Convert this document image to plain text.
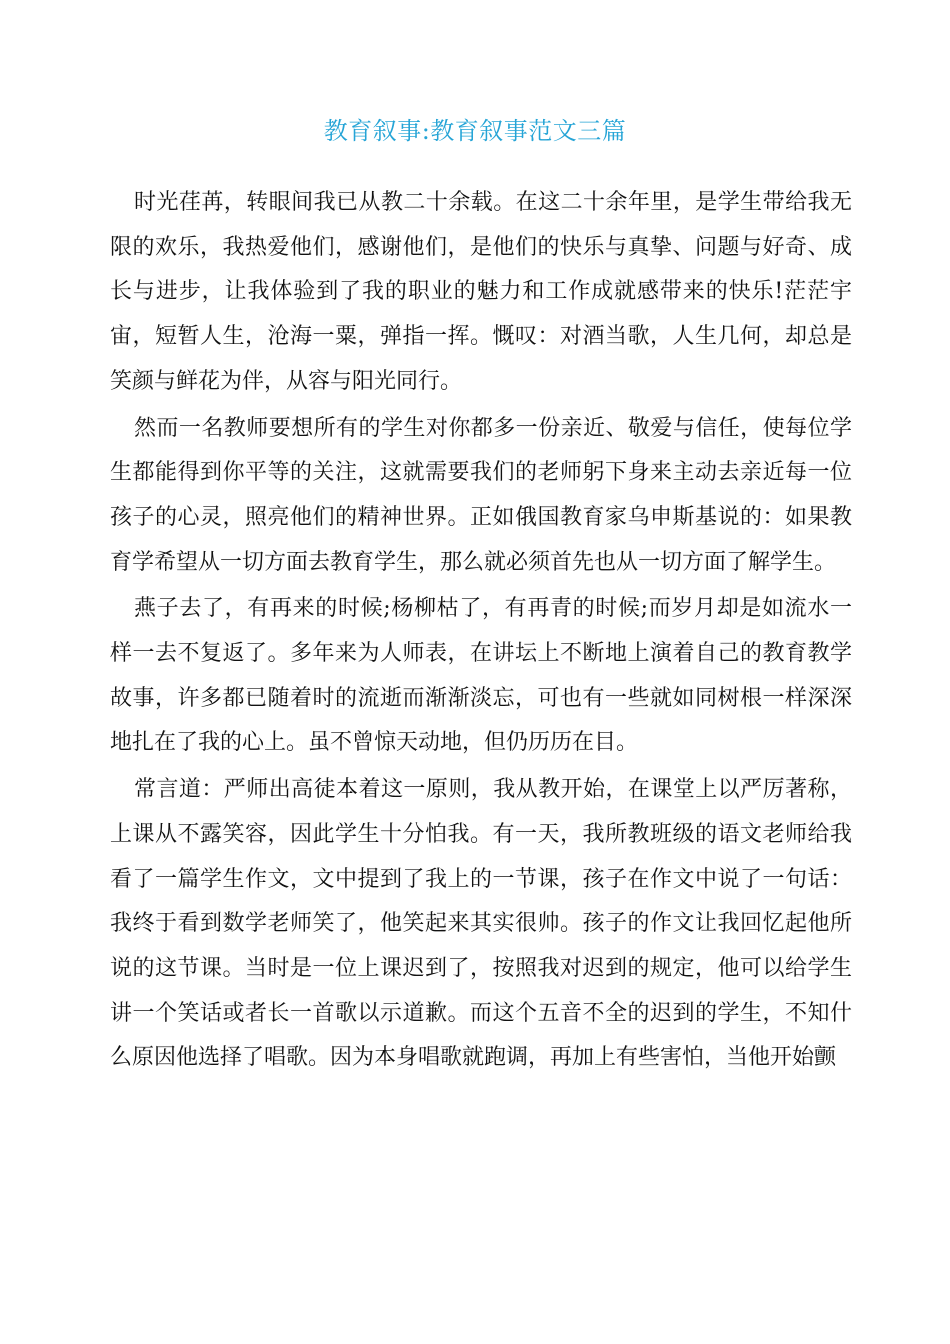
教育叙事:教育叙事范文三篇

时光荏苒，转眼间我已从教二十余载。在这二十余年里，是学生带给我无限的欢乐，我热爱他们，感谢他们，是他们的快乐与真挚、问题与好奇、成长与进步，让我体验到了我的职业的魅力和工作成就感带来的快乐!茫茫宇宙，短暂人生，沧海一粟，弹指一挥。慨叹：对酒当歌，人生几何，却总是笑颜与鲜花为伴，从容与阳光同行。

然而一名教师要想所有的学生对你都多一份亲近、敬爱与信任，使每位学生都能得到你平等的关注，这就需要我们的老师躬下身来主动去亲近每一位孩子的心灵，照亮他们的精神世界。正如俄国教育家乌申斯基说的：如果教育学希望从一切方面去教育学生，那么就必须首先也从一切方面了解学生。

燕子去了，有再来的时候;杨柳枯了，有再青的时候;而岁月却是如流水一样一去不复返了。多年来为人师表，在讲坛上不断地上演着自己的教育教学故事，许多都已随着时的流逝而渐渐淡忘，可也有一些就如同树根一样深深地扎在了我的心上。虽不曾惊天动地，但仍历历在目。

常言道：严师出高徒本着这一原则，我从教开始，在课堂上以严厉著称，上课从不露笑容，因此学生十分怕我。有一天，我所教班级的语文老师给我看了一篇学生作文，文中提到了我上的一节课，孩子在作文中说了一句话：我终于看到数学老师笑了，他笑起来其实很帅。孩子的作文让我回忆起他所说的这节课。当时是一位上课迟到了，按照我对迟到的规定，他可以给学生讲一个笑话或者长一首歌以示道歉。而这个五音不全的迟到的学生，不知什么原因他选择了唱歌。因为本身唱歌就跑调，再加上有些害怕，当他开始颤
